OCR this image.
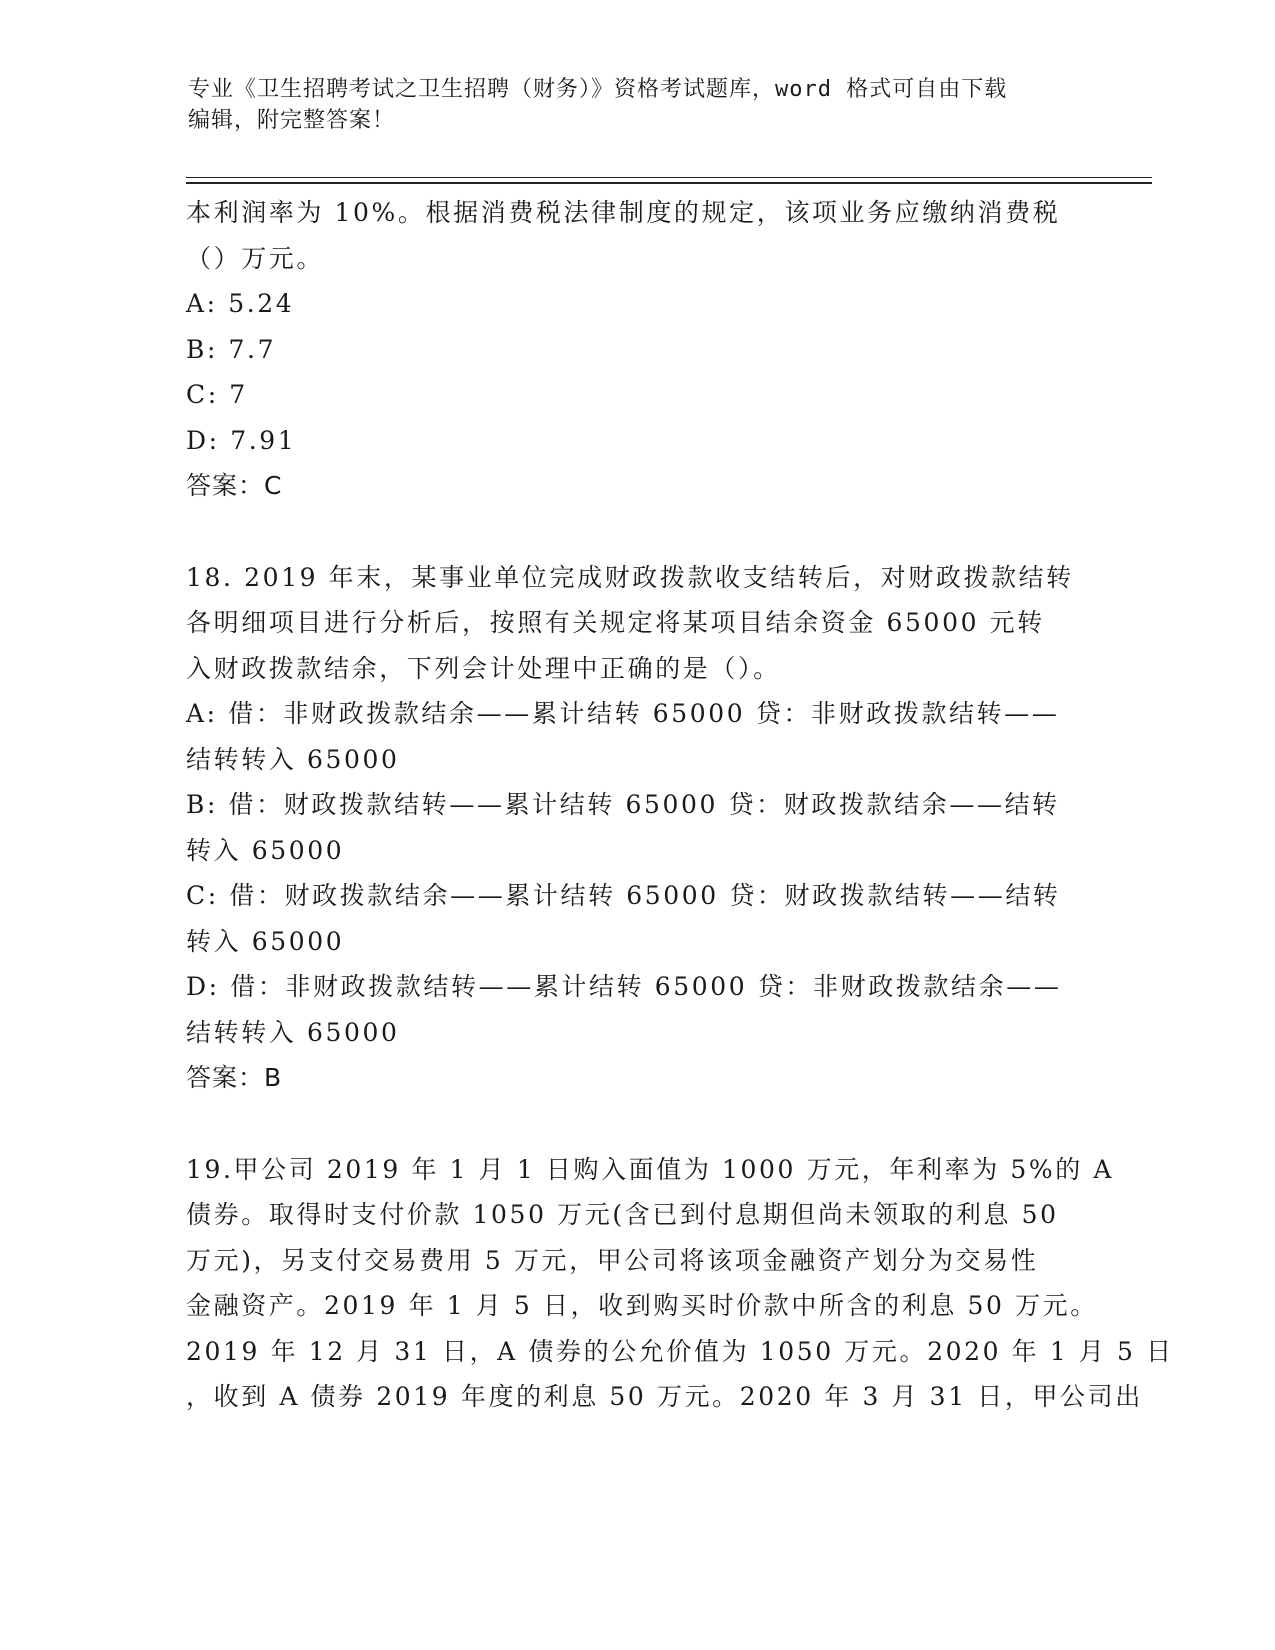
专业《卫生招聘考试之卫生招聘（财务）》资格考试题库，word 格式可自由下载
编辑，附完整答案！
本利润率为 10%。根据消费税法律制度的规定，该项业务应缴纳消费税
（）万元。
A: 5.24
B: 7.7
C: 7
D: 7.91
答案：C
18. 2019 年末，某事业单位完成财政拨款收支结转后，对财政拨款结转
各明细项目进行分析后，按照有关规定将某项目结余资金 65000 元转
入财政拨款结余，下列会计处理中正确的是（）。
A: 借：非财政拨款结余——累计结转 65000 贷：非财政拨款结转——
结转转入 65000
B: 借：财政拨款结转——累计结转 65000 贷：财政拨款结余——结转
转入 65000
C: 借：财政拨款结余——累计结转 65000 贷：财政拨款结转——结转
转入 65000
D: 借：非财政拨款结转——累计结转 65000 贷：非财政拨款结余——
结转转入 65000
答案：B
19.甲公司 2019 年 1 月 1 日购入面值为 1000 万元，年利率为 5%的 A
债券。取得时支付价款 1050 万元(含已到付息期但尚未领取的利息 50
万元)，另支付交易费用 5 万元，甲公司将该项金融资产划分为交易性
金融资产。2019 年 1 月 5 日，收到购买时价款中所含的利息 50 万元。
2019 年 12 月 31 日，A 债券的公允价值为 1050 万元。2020 年 1 月 5 日
，收到 A 债券 2019 年度的利息 50 万元。2020 年 3 月 31 日，甲公司出
